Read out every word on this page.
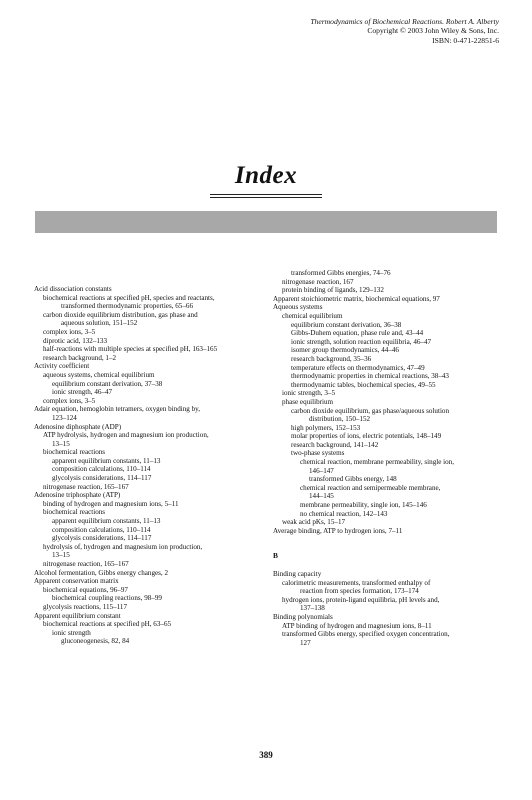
Thermodynamics of Biochemical Reactions. Robert A. Alberty
Copyright © 2003 John Wiley & Sons, Inc.
ISBN: 0-471-22851-6
Index
Acid dissociation constants
biochemical reactions at specified pH, species and reactants,
transformed thermodynamic properties, 65–66
carbon dioxide equilibrium distribution, gas phase and
aqueous solution, 151–152
complex ions, 3–5
diprotic acid, 132–133
half-reactions with multiple species at specified pH, 163–165
research background, 1–2
Activity coefficient
aqueous systems, chemical equilibrium
equilibrium constant derivation, 37–38
ionic strength, 46–47
complex ions, 3–5
Adair equation, hemoglobin tetramers, oxygen binding by,
123–124
Adenosine diphosphate (ADP)
ATP hydrolysis, hydrogen and magnesium ion production,
13–15
biochemical reactions
apparent equilibrium constants, 11–13
composition calculations, 110–114
glycolysis considerations, 114–117
nitrogenase reaction, 165–167
Adenosine triphosphate (ATP)
binding of hydrogen and magnesium ions, 5–11
biochemical reactions
apparent equilibrium constants, 11–13
composition calculations, 110–114
glycolysis considerations, 114–117
hydrolysis of, hydrogen and magnesium ion production,
13–15
nitrogenase reaction, 165–167
Alcohol fermentation, Gibbs energy changes, 2
Apparent conservation matrix
biochemical equations, 96–97
biochemical coupling reactions, 98–99
glycolysis reactions, 115–117
Apparent equilibrium constant
biochemical reactions at specified pH, 63–65
ionic strength
gluconeogenesis, 82, 84
transformed Gibbs energies, 74–76
nitrogenase reaction, 167
protein binding of ligands, 129–132
Apparent stoichiometric matrix, biochemical equations, 97
Aqueous systems
chemical equilibrium
equilibrium constant derivation, 36–38
Gibbs-Duhem equation, phase rule and, 43–44
ionic strength, solution reaction equilibria, 46–47
isomer group thermodynamics, 44–46
research background, 35–36
temperature effects on thermodynamics, 47–49
thermodynamic properties in chemical reactions, 38–43
thermodynamic tables, biochemical species, 49–55
ionic strength, 3–5
phase equilibrium
carbon dioxide equilibrium, gas phase/aqueous solution
distribution, 150–152
high polymers, 152–153
molar properties of ions, electric potentials, 148–149
research background, 141–142
two-phase systems
chemical reaction, membrane permeability, single ion,
146–147
transformed Gibbs energy, 148
chemical reaction and semipermeable membrane,
144–145
membrane permeability, single ion, 145–146
no chemical reaction, 142–143
weak acid pKs, 15–17
Average binding, ATP to hydrogen ions, 7–11
B
Binding capacity
calorimetric measurements, transformed enthalpy of
reaction from species formation, 173–174
hydrogen ions, protein-ligand equilibria, pH levels and,
137–138
Binding polynomials
ATP binding of hydrogen and magnesium ions, 8–11
transformed Gibbs energy, specified oxygen concentration,
127
389
